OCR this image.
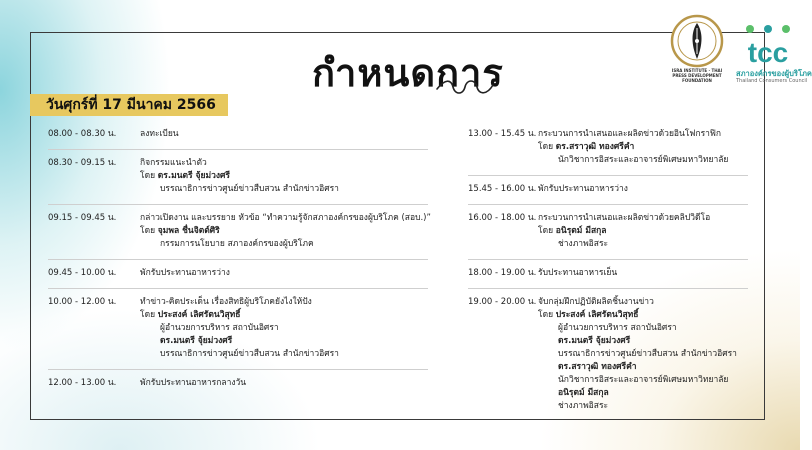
กำหนดการ
วันศุกร์ที่ 17 มีนาคม 2566
ISRA INSTITUTE · THAI PRESS DEVELOPMENT FOUNDATION
tcc
สภาองค์กรของผู้บริโภค
Thailand Consumers Council
08.00 - 08.30 น.	ลงทะเบียน
08.30 - 09.15 น.	กิจกรรมแนะนำตัว
โดย ดร.มนตรี จุ้ยม่วงศรี
บรรณาธิการข่าวศูนย์ข่าวสืบสวน สำนักข่าวอิศรา
09.15 - 09.45 น.	กล่าวเปิดงาน และบรรยาย หัวข้อ “ทำความรู้จักสภาองค์กรของผู้บริโภค (สอบ.)”
โดย จุมพล ชื่นจิตต์ศิริ
กรรมการนโยบาย สภาองค์กรของผู้บริโภค
09.45 - 10.00 น.	พักรับประทานอาหารว่าง
10.00 - 12.00 น.	ทำข่าว-คิดประเด็น เรื่องสิทธิผู้บริโภคยังไงให้ปัง
โดย ประสงค์ เลิศรัตนวิสุทธิ์
ผู้อำนวยการบริหาร สถาบันอิศรา
ดร.มนตรี จุ้ยม่วงศรี
บรรณาธิการข่าวศูนย์ข่าวสืบสวน สำนักข่าวอิศรา
12.00 - 13.00 น.	พักรับประทานอาหารกลางวัน
13.00 - 15.45 น. กระบวนการนำเสนอและผลิตข่าวด้วยอินโฟกราฟิก
โดย ดร.สราวุฒิ ทองศรีคำ
นักวิชาการอิสระและอาจารย์พิเศษมหาวิทยาลัย
15.45 - 16.00 น. พักรับประทานอาหารว่าง
16.00 - 18.00 น. กระบวนการนำเสนอและผลิตข่าวด้วยคลิปวิดีโอ
โดย อนิรุตม์ มีสกุล
ช่างภาพอิสระ
18.00 - 19.00 น. รับประทานอาหารเย็น
19.00 - 20.00 น. จับกลุ่มฝึกปฏิบัติผลิตชิ้นงานข่าว
โดย ประสงค์ เลิศรัตนวิสุทธิ์
ผู้อำนวยการบริหาร สถาบันอิศรา
ดร.มนตรี จุ้ยม่วงศรี
บรรณาธิการข่าวศูนย์ข่าวสืบสวน สำนักข่าวอิศรา
ดร.สราวุฒิ ทองศรีคำ
นักวิชาการอิสระและอาจารย์พิเศษมหาวิทยาลัย
อนิรุตม์ มีสกุล
ช่างภาพอิสระ
